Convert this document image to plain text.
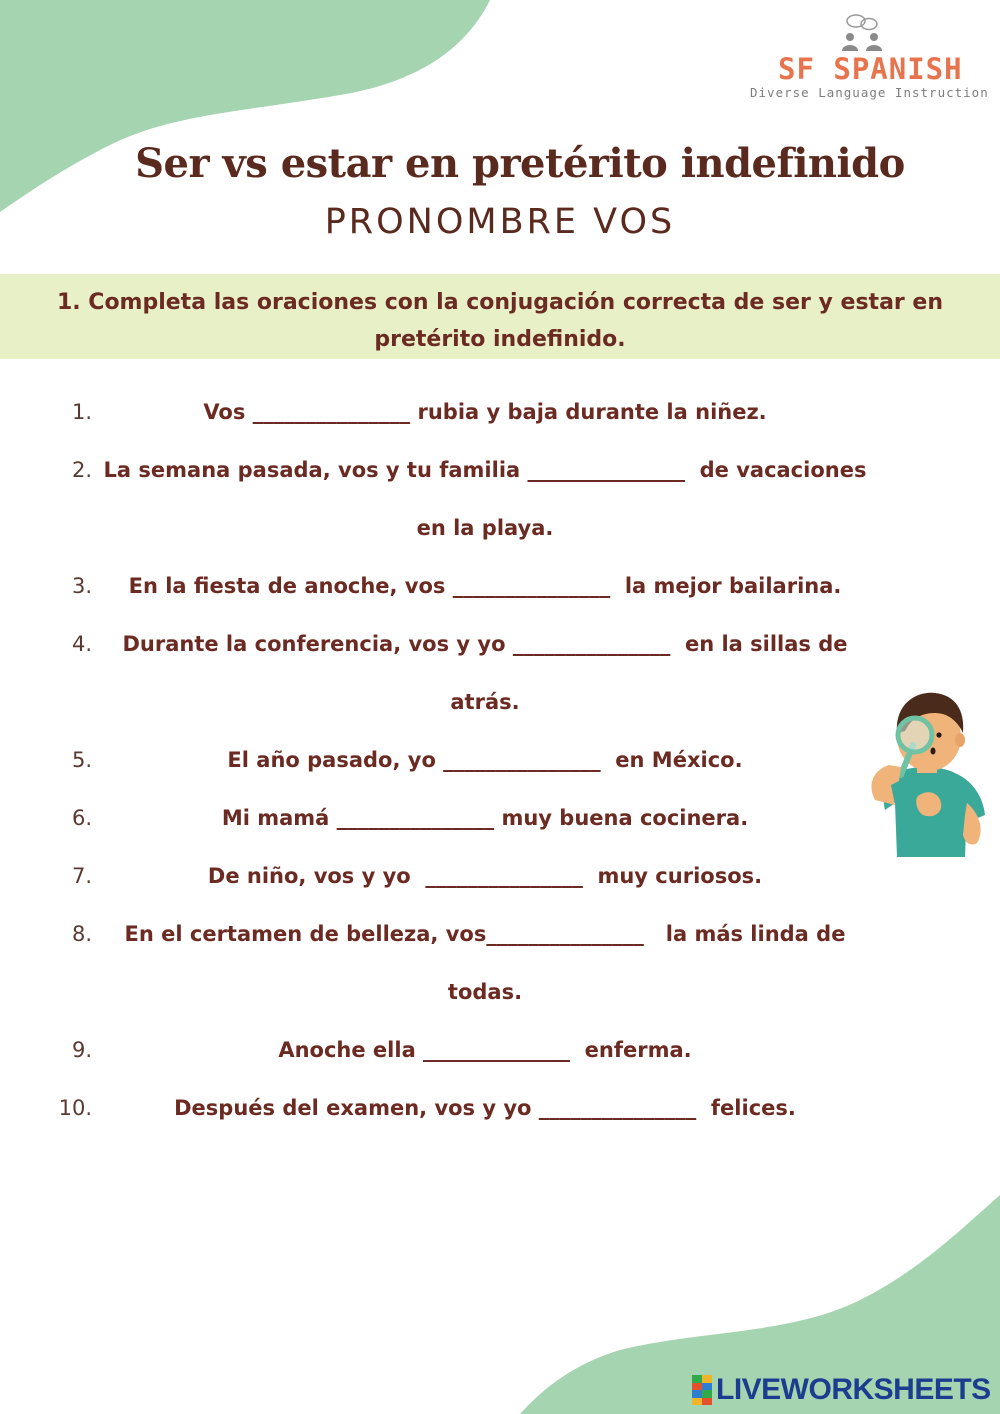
SF SPANISH
Diverse Language Instruction
Ser vs estar en pretérito indefinido
PRONOMBRE VOS
1. Completa las oraciones con la conjugación correcta de ser y estar en
pretérito indefinido.
1.	Vos _______________ rubia y baja durante la niñez.
2. La semana pasada, vos y tu familia _______________  de vacaciones
en la playa.
3.	En la fiesta de anoche, vos _______________  la mejor bailarina.
4.	Durante la conferencia, vos y yo _______________  en la sillas de
atrás.
5.	El año pasado, yo _______________  en México.
6.	Mi mamá _______________ muy buena cocinera.
7.	De niño, vos y yo  _______________  muy curiosos.
8.	En el certamen de belleza, vos_______________   la más linda de
todas.
9.	Anoche ella ______________  enferma.
10.	Después del examen, vos y yo _______________  felices.
LIVEWORKSHEETS
